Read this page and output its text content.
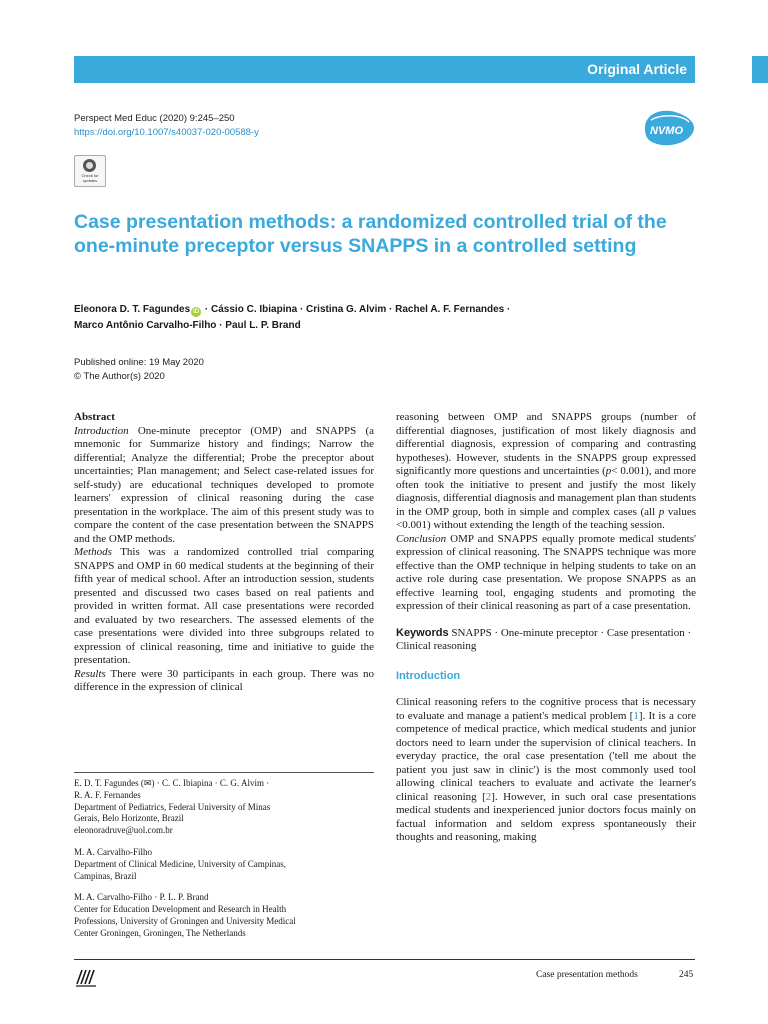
Original Article
Perspect Med Educ (2020) 9:245–250
https://doi.org/10.1007/s40037-020-00588-y	NVMO
Check for updates
Case presentation methods: a randomized controlled trial of the one-minute preceptor versus SNAPPS in a controlled setting
Eleonora D. T. Fagundes iD · Cássio C. Ibiapina · Cristina G. Alvim · Rachel A. F. Fernandes ·
Marco Antônio Carvalho-Filho · Paul L. P. Brand
Published online: 19 May 2020
© The Author(s) 2020

Abstract

Introduction One-minute preceptor (OMP) and SNAPPS (a mnemonic for Summarize history and findings; Narrow the differential; Analyze the differential; Probe the preceptor about uncertainties; Plan management; and Select case-related issues for self-study) are educational techniques developed to promote learners' expression of clinical reasoning during the case presentation in the workplace. The aim of this present study was to compare the content of the case presentation between the SNAPPS and the OMP methods.

Methods This was a randomized controlled trial comparing SNAPPS and OMP in 60 medical students at the beginning of their fifth year of medical school. After an introduction session, students presented and discussed two cases based on real patients and provided in written format. All case presentations were recorded and evaluated by two researchers. The assessed elements of the case presentations were divided into three subgroups related to expression of clinical reasoning, time and initiative to guide the presentation.

Results There were 30 participants in each group. There was no difference in the expression of clinical

E. D. T. Fagundes (✉) · C. C. Ibiapina · C. G. Alvim ·
R. A. F. Fernandes
Department of Pediatrics, Federal University of Minas
Gerais, Belo Horizonte, Brazil
eleonoradruve@uol.com.br
M. A. Carvalho-Filho
Department of Clinical Medicine, University of Campinas,
Campinas, Brazil
M. A. Carvalho-Filho · P. L. P. Brand
Center for Education Development and Research in Health
Professions, University of Groningen and University Medical
Center Groningen, Groningen, The Netherlands

reasoning between OMP and SNAPPS groups (number of differential diagnoses, justification of most likely diagnosis and differential diagnosis, expression of comparing and contrasting hypotheses). However, students in the SNAPPS group expressed significantly more questions and uncertainties (p< 0.001), and more often took the initiative to present and justify the most likely diagnosis, differential diagnosis and management plan than students in the OMP group, both in simple and complex cases (all p values <0.001) without extending the length of the teaching session.

Conclusion OMP and SNAPPS equally promote medical students' expression of clinical reasoning. The SNAPPS technique was more effective than the OMP technique in helping students to take on an active role during case presentation. We propose SNAPPS as an effective learning tool, engaging students and promoting the expression of their clinical reasoning as part of a case presentation.

Keywords SNAPPS · One-minute preceptor · Case presentation · Clinical reasoning

Introduction

Clinical reasoning refers to the cognitive process that is necessary to evaluate and manage a patient's medical problem [1]. It is a core competence of medical practice, which medical students and junior doctors need to learn under the supervision of clinical teachers. In everyday practice, the oral case presentation ('tell me about the patient you just saw in clinic') is the most commonly used tool allowing clinical teachers to evaluate and activate the learner's clinical reasoning [2]. However, in such oral case presentations medical students and inexperienced junior doctors focus mainly on factual information and seldom express spontaneously their thoughts and reasoning, making

Case presentation methods	245
